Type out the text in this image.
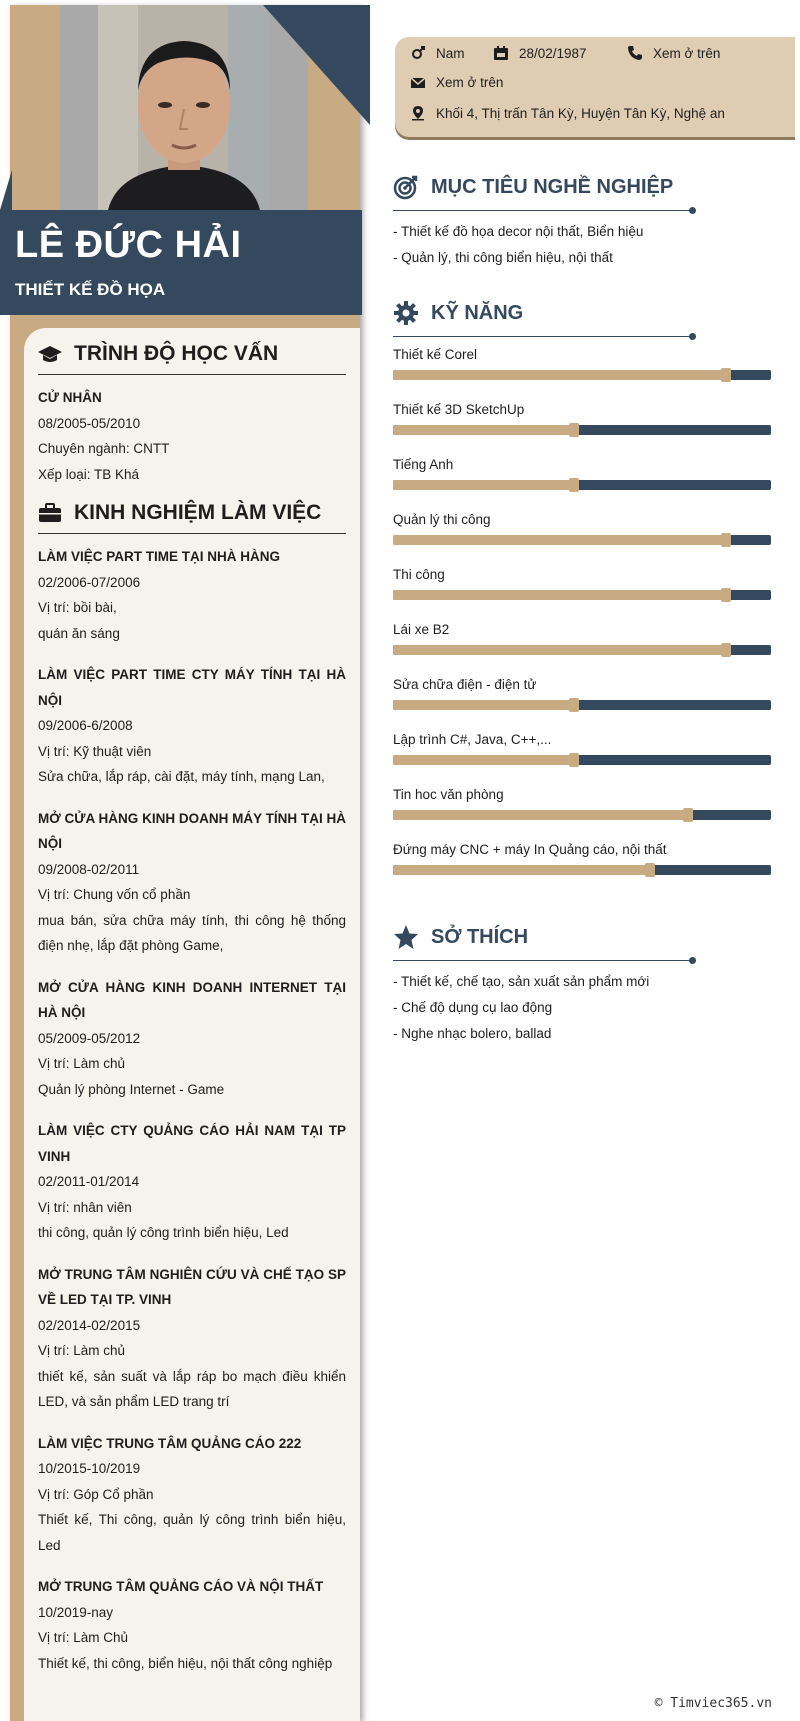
LÊ ĐỨC HẢI
THIẾT KẾ ĐỒ HỌA
TRÌNH ĐỘ HỌC VẤN
CỬ NHÂN
08/2005-05/2010
Chuyên ngành: CNTT
Xếp loại: TB Khá
KINH NGHIỆM LÀM VIỆC

LÀM VIỆC PART TIME TẠI NHÀ HÀNG

02/2006-07/2006
Vị trí: bồi bài,

quán ăn sáng

LÀM VIỆC PART TIME CTY MÁY TÍNH TẠI HÀ NỘI

09/2006-6/2008
Vị trí: Kỹ thuật viên

Sửa chữa, lắp ráp, cài đặt, máy tính, mạng Lan,

MỞ CỬA HÀNG KINH DOANH MÁY TÍNH TẠI HÀ NỘI

09/2008-02/2011
Vị trí: Chung vốn cổ phần

mua bán, sửa chữa máy tính, thi công hệ thống điện nhẹ, lắp đặt phòng Game,

MỞ CỬA HÀNG KINH DOANH INTERNET TẠI HÀ NỘI

05/2009-05/2012
Vị trí: Làm chủ

Quản lý phòng Internet - Game

LÀM VIỆC CTY QUẢNG CÁO HẢI NAM TẠI TP VINH

02/2011-01/2014
Vị trí: nhân viên

thi công, quản lý công trình biển hiệu, Led

MỞ TRUNG TÂM NGHIÊN CỨU VÀ CHẾ TẠO SP VỀ LED TẠI TP. VINH

02/2014-02/2015
Vị trí: Làm chủ

thiết kế, sản suất và lắp ráp bo mạch điều khiển LED, và sản phẩm LED trang trí

LÀM VIỆC TRUNG TÂM QUẢNG CÁO 222

10/2015-10/2019
Vị trí: Góp Cổ phần

Thiết kế, Thi công, quản lý công trình biển hiệu, Led

MỞ TRUNG TÂM QUẢNG CÁO VÀ NỘI THẤT

10/2019-nay
Vị trí: Làm Chủ

Thiết kế, thi công, biển hiệu, nội thất công nghiệp

Nam	28/02/1987	Xem ở trên
Xem ở trên
Khối 4, Thị trấn Tân Kỳ, Huyện Tân Kỳ, Nghệ an
MỤC TIÊU NGHỀ NGHIỆP
- Thiết kế đồ họa decor nội thất, Biển hiệu
- Quản lý, thi công biển hiệu, nội thất
KỸ NĂNG
Thiết kế Corel
Thiết kế 3D SketchUp
Tiếng Anh
Quản lý thi công
Thi công
Lái xe B2
Sửa chữa điện - điện tử
Lập trình C#, Java, C++,...
Tin hoc văn phòng
Đứng máy CNC + máy In Quảng cáo, nội thất
SỞ THÍCH
- Thiết kế, chế tạo, sản xuất sản phẩm mới
- Chế độ dụng cụ lao động
- Nghe nhạc bolero, ballad
© Timviec365.vn
